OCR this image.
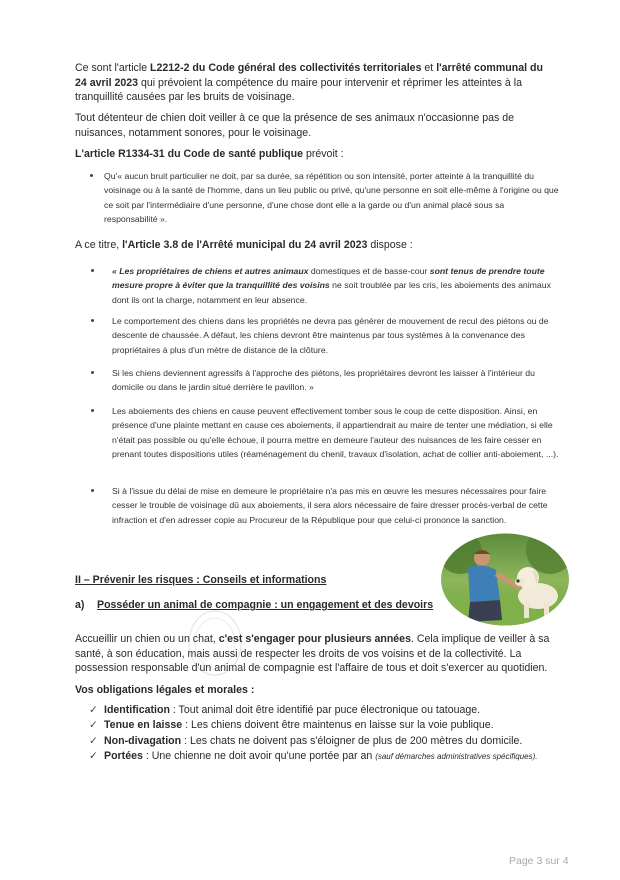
Ce sont l'article L2212-2 du Code général des collectivités territoriales et l'arrêté communal du 24 avril 2023 qui prévoient la compétence du maire pour intervenir et réprimer les atteintes à la tranquillité causées par les bruits de voisinage.

Tout détenteur de chien doit veiller à ce que la présence de ses animaux n'occasionne pas de nuisances, notamment sonores, pour le voisinage.

L'article R1334-31 du Code de santé publique prévoit :

Qu'« aucun bruit particulier ne doit, par sa durée, sa répétition ou son intensité, porter atteinte à la tranquillité du voisinage ou à la santé de l'homme, dans un lieu public ou privé, qu'une personne en soit elle-même à l'origine ou que ce soit par l'intermédiaire d'une personne, d'une chose dont elle a la garde ou d'un animal placé sous sa responsabilité ».

A ce titre, l'Article 3.8 de l'Arrêté municipal du 24 avril 2023 dispose :

« Les propriétaires de chiens et autres animaux domestiques et de basse-cour sont tenus de prendre toute mesure propre à éviter que la tranquillité des voisins ne soit troublée par les cris, les aboiements des animaux dont ils ont la charge, notamment en leur absence.
Le comportement des chiens dans les propriétés ne devra pas générer de mouvement de recul des piétons ou de descente de chaussée. A défaut, les chiens devront être maintenus par tous systèmes à la convenance des propriétaires à plus d'un mètre de distance de la clôture.
Si les chiens deviennent agressifs à l'approche des piétons, les propriétaires devront les laisser à l'intérieur du domicile ou dans le jardin situé derrière le pavillon. »
Les aboiements des chiens en cause peuvent effectivement tomber sous le coup de cette disposition. Ainsi, en présence d'une plainte mettant en cause ces aboiements, il appartiendrait au maire de tenter une médiation, si elle n'était pas possible ou qu'elle échoue, il pourra mettre en demeure l'auteur des nuisances de les faire cesser en prenant toutes dispositions utiles (réaménagement du chenil, travaux d'isolation, achat de collier anti-aboiement, ...).
Si à l'issue du délai de mise en demeure le propriétaire n'a pas mis en œuvre les mesures nécessaires pour faire cesser le trouble de voisinage dû aux aboiements, il sera alors nécessaire de faire dresser procès-verbal de cette infraction et d'en adresser copie au Procureur de la République pour que celui-ci prononce la sanction.

II – Prévenir les risques : Conseils et informations

a) Posséder un animal de compagnie : un engagement et des devoirs

Accueillir un chien ou un chat, c'est s'engager pour plusieurs années. Cela implique de veiller à sa santé, à son éducation, mais aussi de respecter les droits de vos voisins et de la collectivité. La possession responsable d'un animal de compagnie est l'affaire de tous et doit s'exercer au quotidien.

Vos obligations légales et morales :

✓ Identification : Tout animal doit être identifié par puce électronique ou tatouage.
✓ Tenue en laisse : Les chiens doivent être maintenus en laisse sur la voie publique.
✓ Non-divagation : Les chats ne doivent pas s'éloigner de plus de 200 mètres du domicile.
✓ Portées : Une chienne ne doit avoir qu'une portée par an (sauf démarches administratives spécifiques).
Page 3 sur 4
